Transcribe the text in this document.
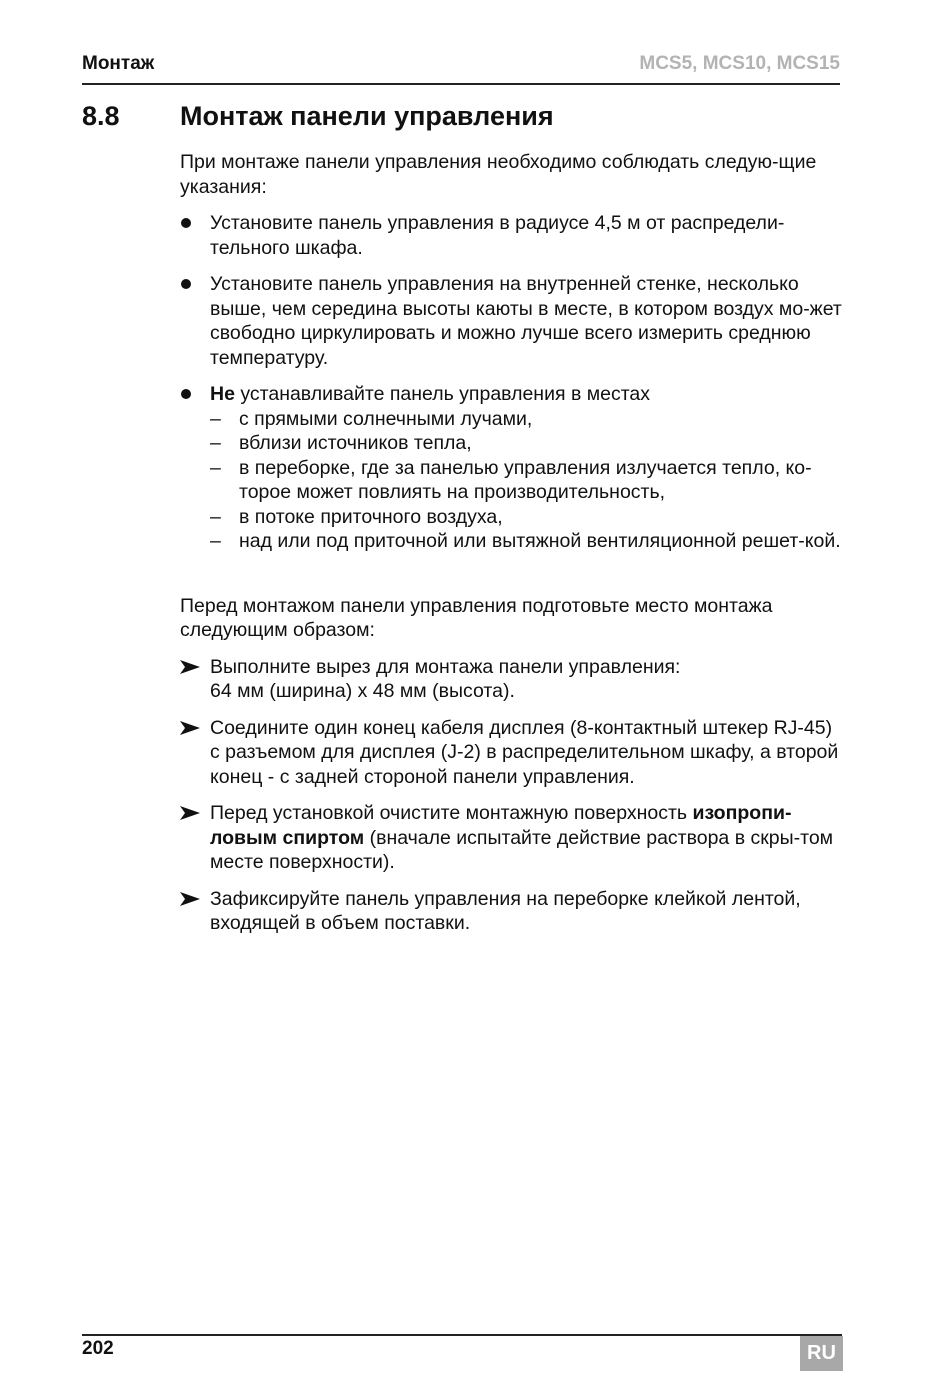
Монтаж	MCS5, MCS10, MCS15
8.8 Монтаж панели управления

При монтаже панели управления необходимо соблюдать следую-щие указания:

Установите панель управления в радиусе 4,5 м от распредели-тельного шкафа.
Установите панель управления на внутренней стенке, несколько выше, чем середина высоты каюты в месте, в котором воздух мо-жет свободно циркулировать и можно лучше всего измерить среднюю температуру.
Не устанавливайте панель управления в местах
– с прямыми солнечными лучами,
– вблизи источников тепла,
– в переборке, где за панелью управления излучается тепло, ко-торое может повлиять на производительность,
– в потоке приточного воздуха,
– над или под приточной или вытяжной вентиляционной решет-кой.

Перед монтажом панели управления подготовьте место монтажа следующим образом:

Выполните вырез для монтажа панели управления:
64 мм (ширина) x 48 мм (высота).
Соедините один конец кабеля дисплея (8-контактный штекер RJ-45) с разъемом для дисплея (J-2) в распределительном шкафу, а второй конец - с задней стороной панели управления.
Перед установкой очистите монтажную поверхность изопропи-ловым спиртом (вначале испытайте действие раствора в скры-том месте поверхности).
Зафиксируйте панель управления на переборке клейкой лентой, входящей в объем поставки.
202	RU
